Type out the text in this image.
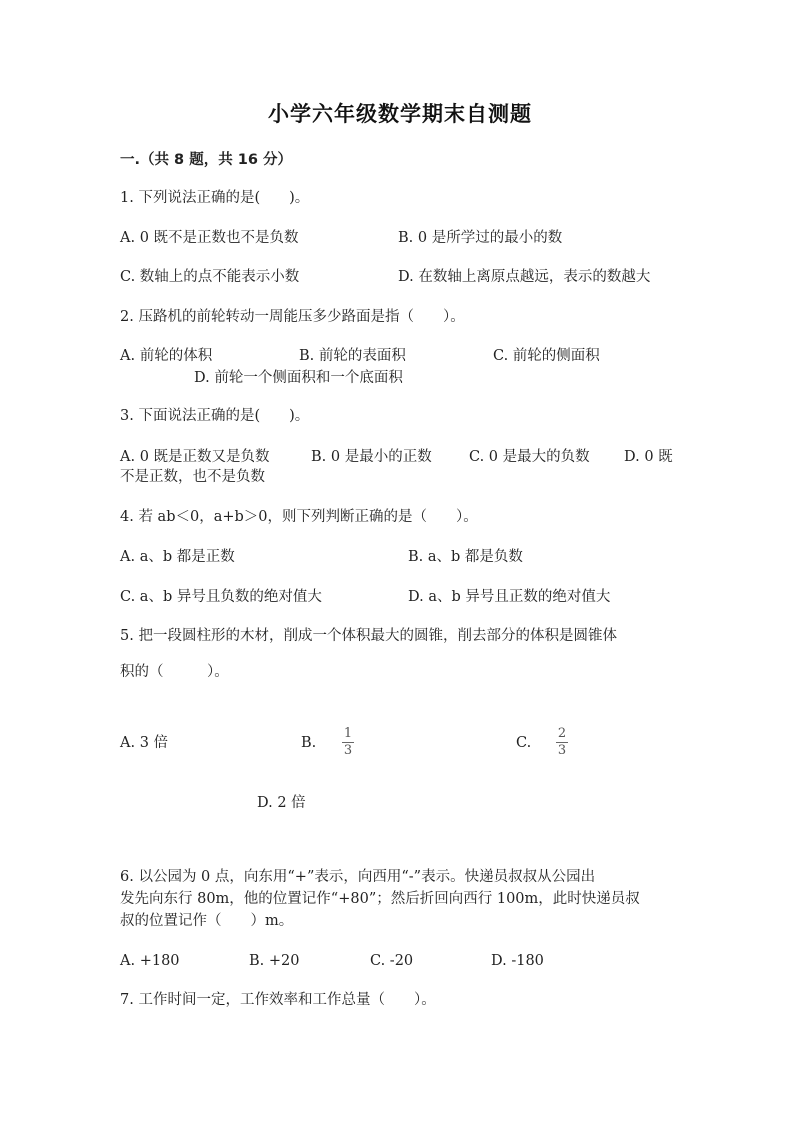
小学六年级数学期末自测题
一.（共 8 题，共 16 分）
1. 下列说法正确的是(　　)。
A. 0 既不是正数也不是负数	B. 0 是所学过的最小的数
C. 数轴上的点不能表示小数	D. 在数轴上离原点越远，表示的数越大
2. 压路机的前轮转动一周能压多少路面是指（　　）。
A. 前轮的体积	B. 前轮的表面积	C. 前轮的侧面积
D. 前轮一个侧面积和一个底面积
3. 下面说法正确的是(　　)。
A. 0 既是正数又是负数	B. 0 是最小的正数	C. 0 是最大的负数 D. 0 既
不是正数，也不是负数
4. 若 ab＜0，a+b＞0，则下列判断正确的是（　　）。
A. a、b 都是正数	B. a、b 都是负数
C. a、b 异号且负数的绝对值大	D. a、b 异号且正数的绝对值大
5. 把一段圆柱形的木材，削成一个体积最大的圆锥，削去部分的体积是圆锥体
积的（　　　）。
A. 3 倍	B.
1
3	C.
2
3
D. 2 倍
6. 以公园为 0 点，向东用“+”表示，向西用“-”表示。快递员叔叔从公园出
发先向东行 80m，他的位置记作“+80”；然后折回向西行 100m，此时快递员叔
叔的位置记作（　　）m。
A. +180	B. +20	C. -20	D. -180
7. 工作时间一定，工作效率和工作总量（　　）。
